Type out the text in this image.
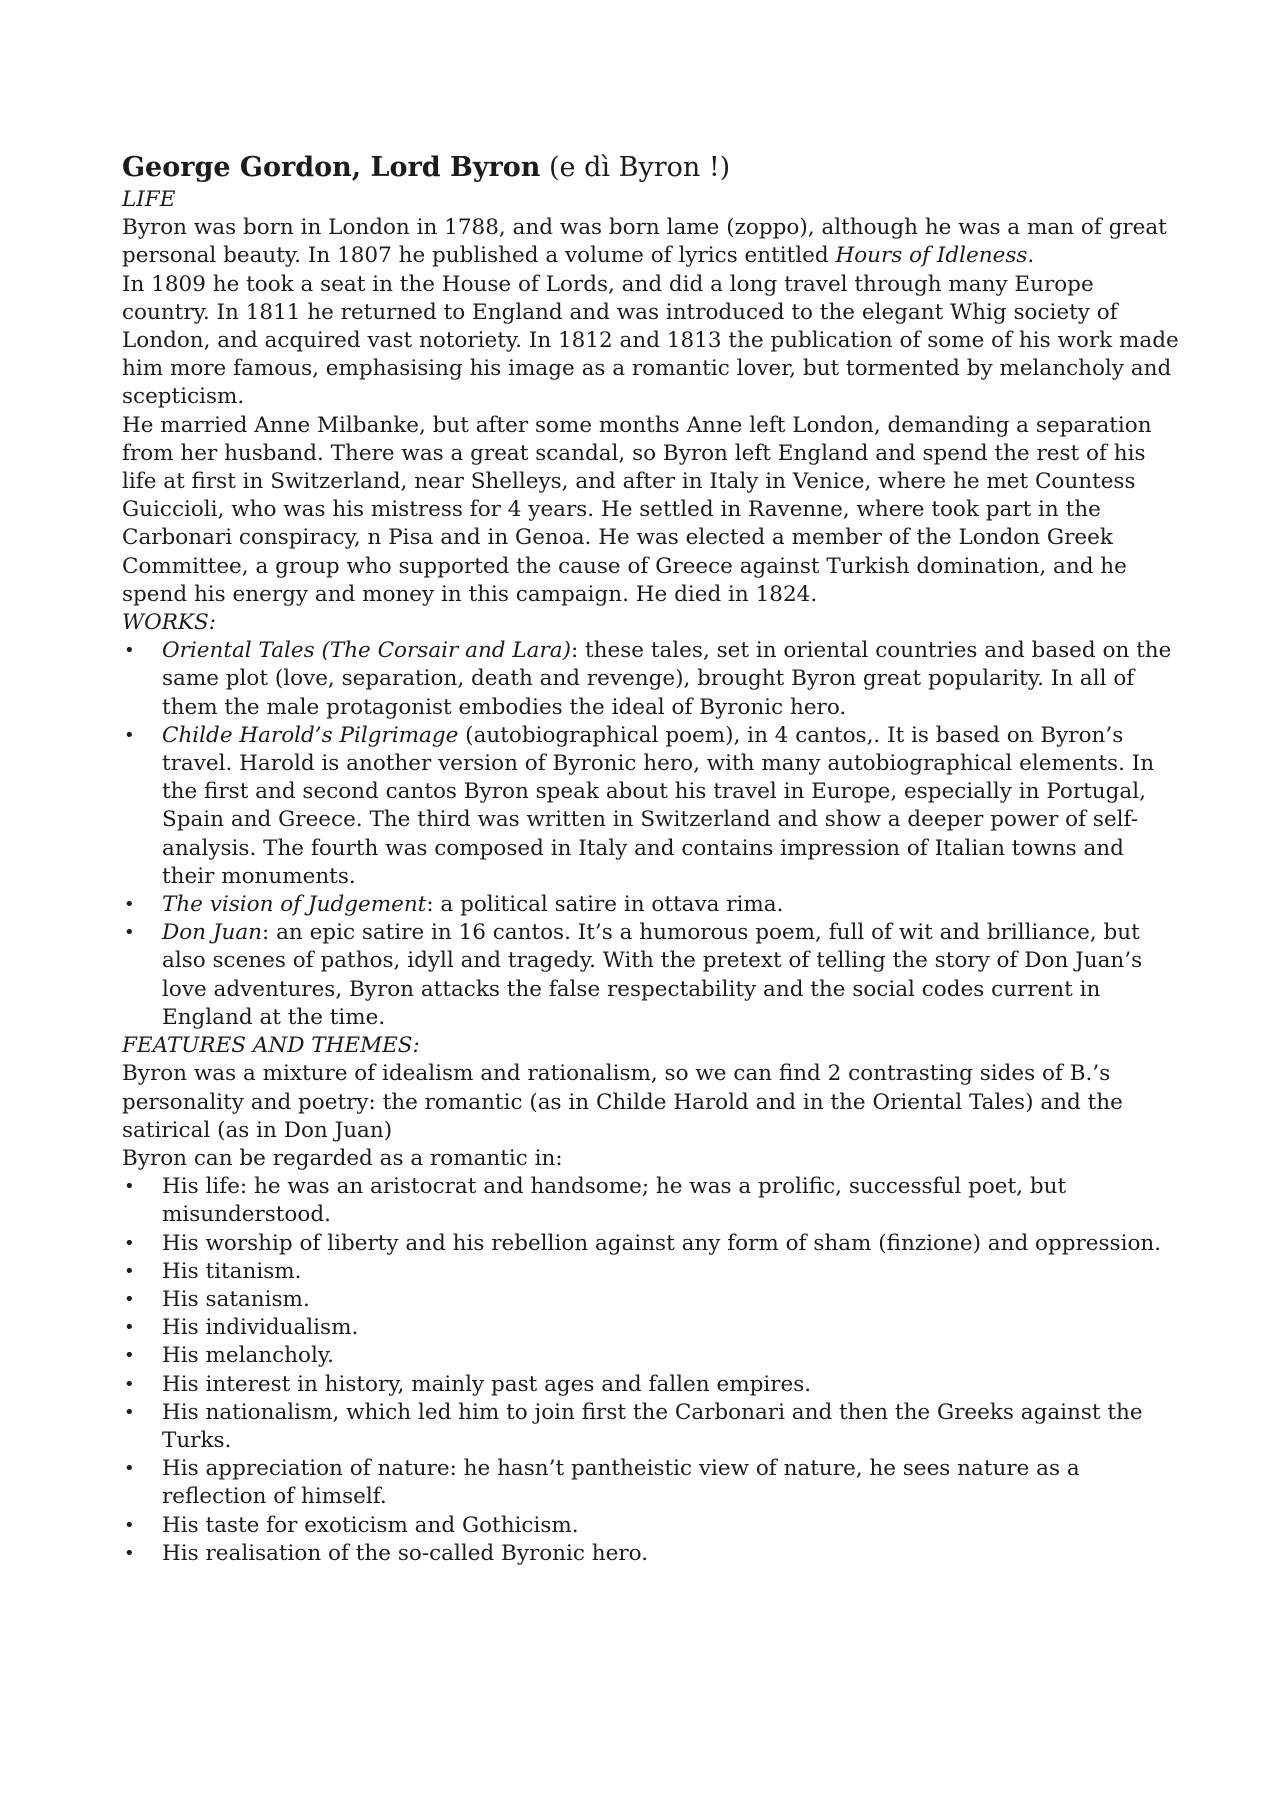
George Gordon, Lord Byron (e dì Byron !)
LIFE

Byron was born in London in 1788, and was born lame (zoppo), although he was a man of great personal beauty. In 1807 he published a volume of lyrics entitled Hours of Idleness.

In 1809 he took a seat in the House of Lords, and did a long travel through many Europe country. In 1811 he returned to England and was introduced to the elegant Whig society of London, and acquired vast notoriety. In 1812 and 1813 the publication of some of his work made him more famous, emphasising his image as a romantic lover, but tormented by melancholy and scepticism.

He married Anne Milbanke, but after some months Anne left London, demanding a separation from her husband. There was a great scandal, so Byron left England and spend the rest of his life at first in Switzerland, near Shelleys, and after in Italy in Venice, where he met Countess Guiccioli, who was his mistress for 4 years. He settled in Ravenne, where took part in the Carbonari conspiracy, n Pisa and in Genoa. He was elected a member of the London Greek Committee, a group who supported the cause of Greece against Turkish domination, and he spend his energy and money in this campaign. He died in 1824.

WORKS:
• Oriental Tales (The Corsair and Lara): these tales, set in oriental countries and based on the same plot (love, separation, death and revenge), brought Byron great popularity. In all of them the male protagonist embodies the ideal of Byronic hero.
• Childe Harold’s Pilgrimage (autobiographical poem), in 4 cantos,. It is based on Byron’s travel. Harold is another version of Byronic hero, with many autobiographical elements. In the first and second cantos Byron speak about his travel in Europe, especially in Portugal, Spain and Greece. The third was written in Switzerland and show a deeper power of self-analysis. The fourth was composed in Italy and contains impression of Italian towns and their monuments.
• The vision of Judgement: a political satire in ottava rima.
• Don Juan: an epic satire in 16 cantos. It’s a humorous poem, full of wit and brilliance, but also scenes of pathos, idyll and tragedy. With the pretext of telling the story of Don Juan’s love adventures, Byron attacks the false respectability and the social codes current in England at the time.
FEATURES AND THEMES:

Byron was a mixture of idealism and rationalism, so we can find 2 contrasting sides of B.’s personality and poetry: the romantic (as in Childe Harold and in the Oriental Tales) and the satirical (as in Don Juan)

Byron can be regarded as a romantic in:

• His life: he was an aristocrat and handsome; he was a prolific, successful poet, but misunderstood.
• His worship of liberty and his rebellion against any form of sham (finzione) and oppression.
• His titanism.
• His satanism.
• His individualism.
• His melancholy.
• His interest in history, mainly past ages and fallen empires.
• His nationalism, which led him to join first the Carbonari and then the Greeks against the Turks.
• His appreciation of nature: he hasn’t pantheistic view of nature, he sees nature as a reflection of himself.
• His taste for exoticism and Gothicism.
• His realisation of the so-called Byronic hero.
